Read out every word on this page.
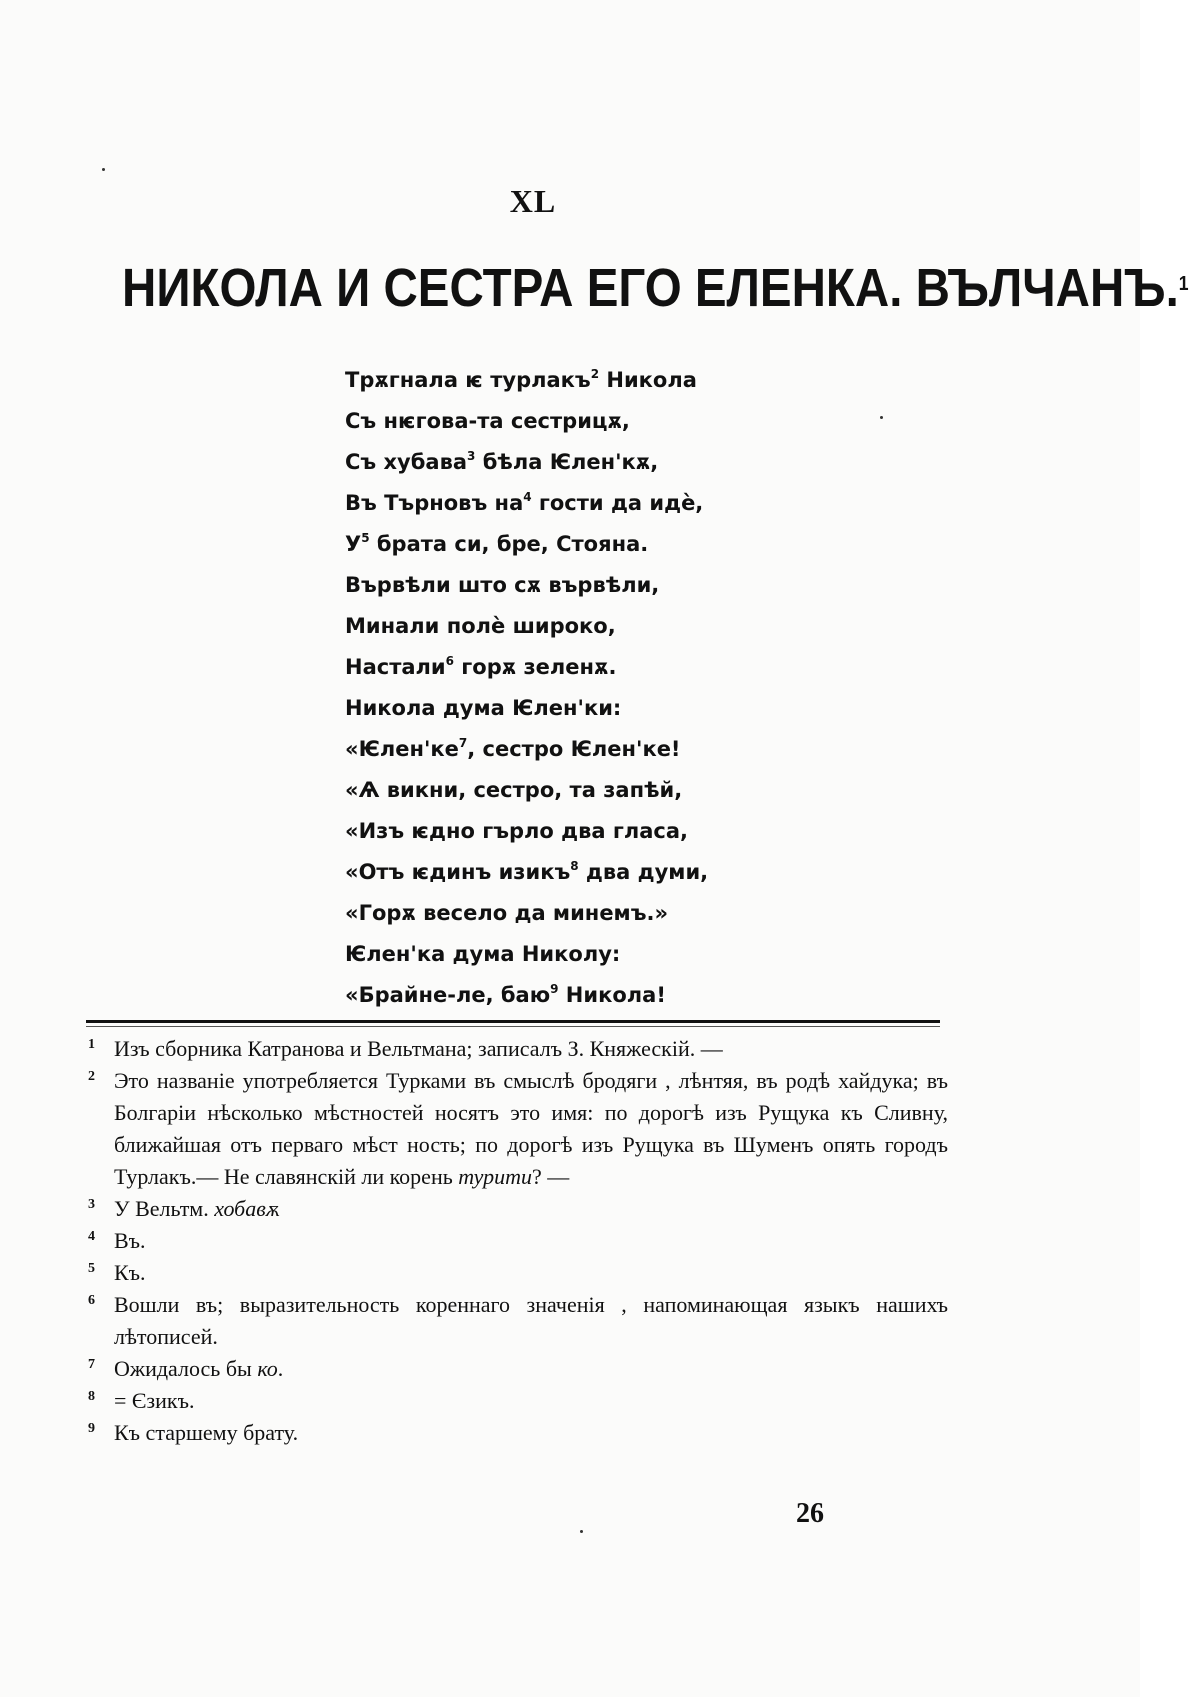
XL
НИКОЛА И СЕСТРА ЕГО ЕЛЕНКА. ВЪЛЧАНЪ.$^1$
Трѫгнала ѥ турлакъ$^2$ Никола
Съ нѥгова-та сестрицѫ,
Съ хубава$^3$ бѣла Ѥлен'кѫ,
Въ Търновъ $на^4$ гости да идѐ,
$У^5$ брата си, бре, Стояна.
Вървѣли што сѫ вървѣли,
Минали полѐ широко,
Настали$^6$ горѫ зеленѫ.
Никола дума Ѥлен'ки:
«$Ѥлен'ке^7$, сестро Ѥлен'ке!
«Ѧ викни, сестро, та запѣй,
«Изъ ѥдно гърло два гласа,
«Отъ ѥдинъ изикъ$^8$ два думи,
«Горѫ весело да минемъ.»
Ѥлен'ка дума Николу:
«Брайне-ле, баю$^9$ Никола!
1 Изъ сборника Катранова и Вельтмана; записалъ З. Княжескій. —

2 Это названіе употребляется Турками въ смыслѣ бродяги , лѣнтяя, въ родѣ хайдука; въ Болгаріи нѣсколько мѣстностей носятъ это имя: по дорогѣ изъ Рущука къ Сливну, ближайшая отъ перваго мѣст ность; по дорогѣ изъ Рущука въ Шуменъ опять городъ Турлакъ.— Не славянскій ли корень турити? —

3 У Вельтм. хобавѫ

4 Въ.

5 Къ.

6 Вошли въ; выразительность кореннаго значенія , напоминающая языкъ нашихъ лѣтописей.

7 Ожидалось бы ко.

8 = Єзикъ.

9 Къ старшему брату.

26
